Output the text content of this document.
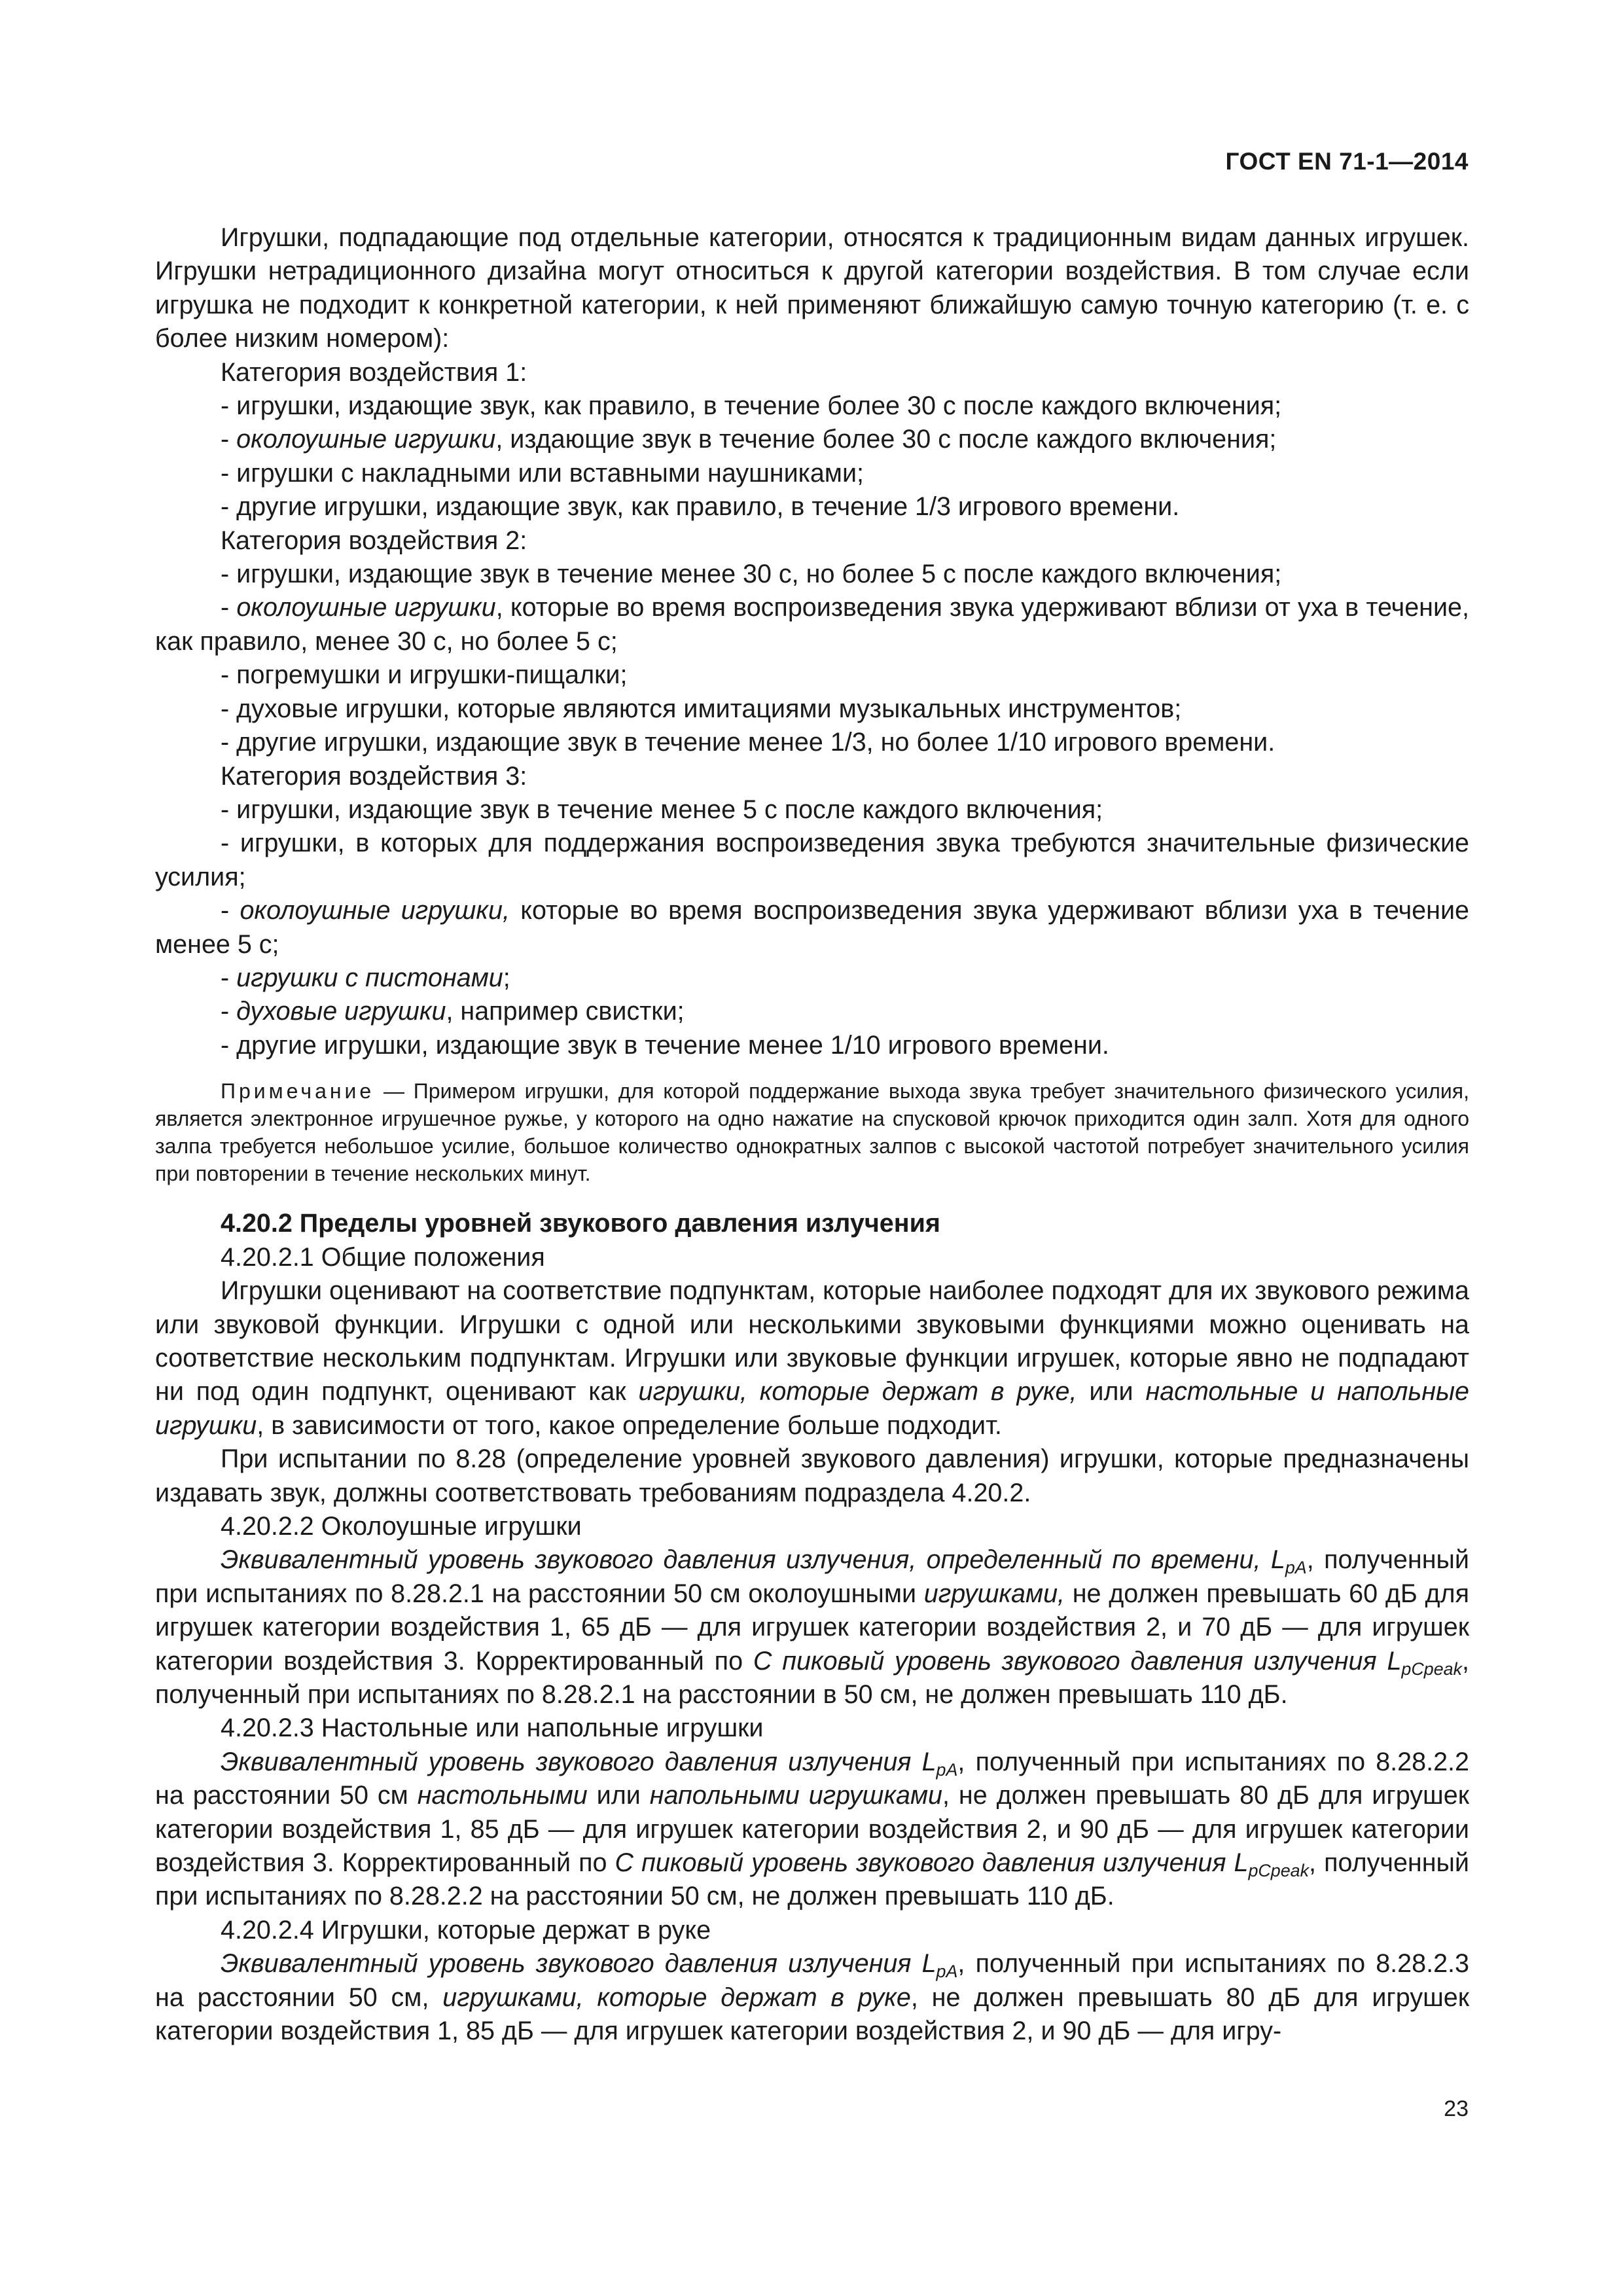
ГОСТ EN 71-1—2014

Игрушки, подпадающие под отдельные категории, относятся к традиционным видам данных игрушек. Игрушки нетрадиционного дизайна могут относиться к другой категории воздействия. В том случае если игрушка не подходит к конкретной категории, к ней применяют ближайшую самую точную категорию (т. е. с более низким номером):

Категория воздействия 1:

- игрушки, издающие звук, как правило, в течение более 30 с после каждого включения;

- околоушные игрушки, издающие звук в течение более 30 с после каждого включения;

- игрушки с накладными или вставными наушниками;

- другие игрушки, издающие звук, как правило, в течение 1/3 игрового времени.

Категория воздействия 2:

- игрушки, издающие звук в течение менее 30 с, но более 5 с после каждого включения;

- околоушные игрушки, которые во время воспроизведения звука удерживают вблизи от уха в течение, как правило, менее 30 с, но более 5 с;

- погремушки и игрушки-пищалки;

- духовые игрушки, которые являются имитациями музыкальных инструментов;

- другие игрушки, издающие звук в течение менее 1/3, но более 1/10 игрового времени.

Категория воздействия 3:

- игрушки, издающие звук в течение менее 5 с после каждого включения;

- игрушки, в которых для поддержания воспроизведения звука требуются значительные физические усилия;

- околоушные игрушки, которые во время воспроизведения звука удерживают вблизи уха в течение менее 5 с;

- игрушки с пистонами;

- духовые игрушки, например свистки;

- другие игрушки, издающие звук в течение менее 1/10 игрового времени.

Примечание — Примером игрушки, для которой поддержание выхода звука требует значительного физического усилия, является электронное игрушечное ружье, у которого на одно нажатие на спусковой крючок приходится один залп. Хотя для одного залпа требуется небольшое усилие, большое количество однократных залпов с высокой частотой потребует значительного усилия при повторении в течение нескольких минут.

4.20.2 Пределы уровней звукового давления излучения

4.20.2.1 Общие положения

Игрушки оценивают на соответствие подпунктам, которые наиболее подходят для их звукового режима или звуковой функции. Игрушки с одной или несколькими звуковыми функциями можно оценивать на соответствие нескольким подпунктам. Игрушки или звуковые функции игрушек, которые явно не подпадают ни под один подпункт, оценивают как игрушки, которые держат в руке, или настольные и напольные игрушки, в зависимости от того, какое определение больше подходит.

При испытании по 8.28 (определение уровней звукового давления) игрушки, которые предназначены издавать звук, должны соответствовать требованиям подраздела 4.20.2.

4.20.2.2 Околоушные игрушки

Эквивалентный уровень звукового давления излучения, определенный по времени, $L_{pA}$, полученный при испытаниях по 8.28.2.1 на расстоянии 50 см околоушными игрушками, не должен превышать 60 дБ для игрушек категории воздействия 1, 65 дБ — для игрушек категории воздействия 2, и 70 дБ — для игрушек категории воздействия 3. Корректированный по С пиковый уровень звукового давления излучения $L_{pCpeak}$, полученный при испытаниях по 8.28.2.1 на расстоянии в 50 см, не должен превышать 110 дБ.

4.20.2.3 Настольные или напольные игрушки

Эквивалентный уровень звукового давления излучения $L_{pA}$, полученный при испытаниях по 8.28.2.2 на расстоянии 50 см настольными или напольными игрушками, не должен превышать 80 дБ для игрушек категории воздействия 1, 85 дБ — для игрушек категории воздействия 2, и 90 дБ — для игрушек категории воздействия 3. Корректированный по С пиковый уровень звукового давления излучения $L_{pCpeak}$, полученный при испытаниях по 8.28.2.2 на расстоянии 50 см, не должен превышать 110 дБ.

4.20.2.4 Игрушки, которые держат в руке

Эквивалентный уровень звукового давления излучения $L_{pA}$, полученный при испытаниях по 8.28.2.3 на расстоянии 50 см, игрушками, которые держат в руке, не должен превышать 80 дБ для игрушек категории воздействия 1, 85 дБ — для игрушек категории воздействия 2, и 90 дБ — для игру-

23
